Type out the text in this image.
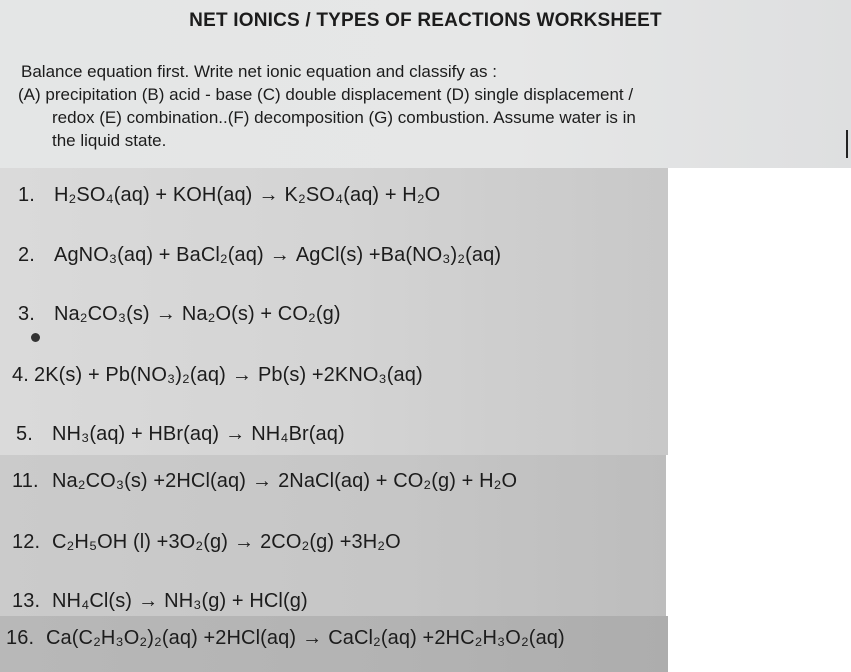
NET IONICS / TYPES OF REACTIONS WORKSHEET
Balance equation first. Write net ionic equation and classify as :
(A) precipitation (B) acid - base (C) double displacement (D) single displacement /
redox (E) combination..(F) decomposition (G) combustion. Assume water is in
the liquid state.
1. H₂SO₄(aq) + KOH(aq) → K₂SO₄(aq) + H₂O
2. AgNO₃(aq) + BaCl₂(aq) → AgCl(s) +Ba(NO₃)₂(aq)
3. Na₂CO₃(s) → Na₂O(s) + CO₂(g)
4. 2K(s) + Pb(NO₃)₂(aq) → Pb(s) +2KNO₃(aq)
5. NH₃(aq) + HBr(aq) → NH₄Br(aq)
11. Na₂CO₃(s) +2HCl(aq) → 2NaCl(aq) + CO₂(g) + H₂O
12. C₂H₅OH (l) +3O₂(g) → 2CO₂(g) +3H₂O
13. NH₄Cl(s) → NH₃(g) + HCl(g)
16. Ca(C₂H₃O₂)₂(aq) +2HCl(aq) → CaCl₂(aq) +2HC₂H₃O₂(aq)
